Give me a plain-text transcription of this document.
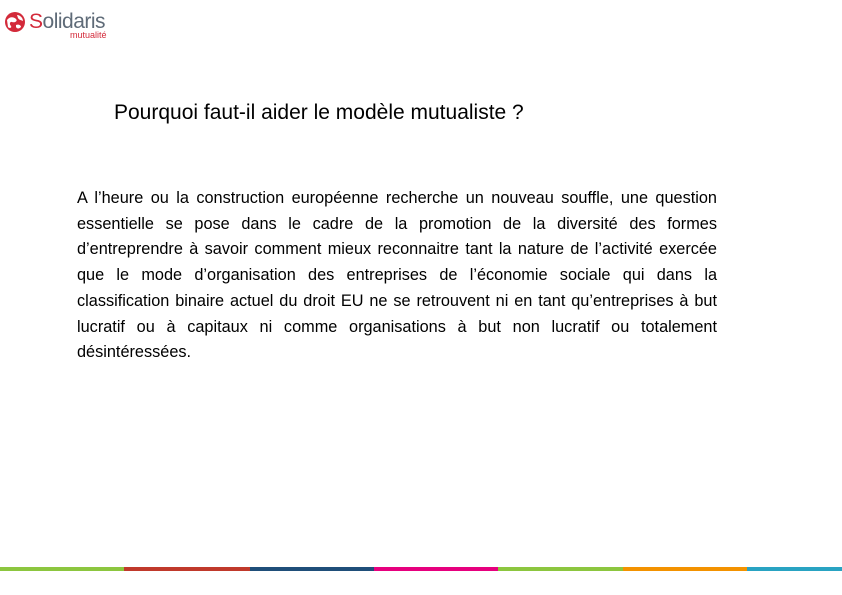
Solidaris
mutualité
Pourquoi faut-il aider le modèle mutualiste ?

A l’heure ou la construction européenne recherche un nouveau souffle, une question essentielle se pose dans le cadre de la promotion de la diversité des formes d’entreprendre à savoir comment mieux reconnaitre tant la nature de l’activité exercée que le mode d’organisation des entreprises de l’économie sociale qui dans la classification binaire actuel du droit EU ne se retrouvent ni en tant qu’entreprises à but lucratif ou à capitaux ni comme organisations à but non lucratif ou totalement désintéressées.
